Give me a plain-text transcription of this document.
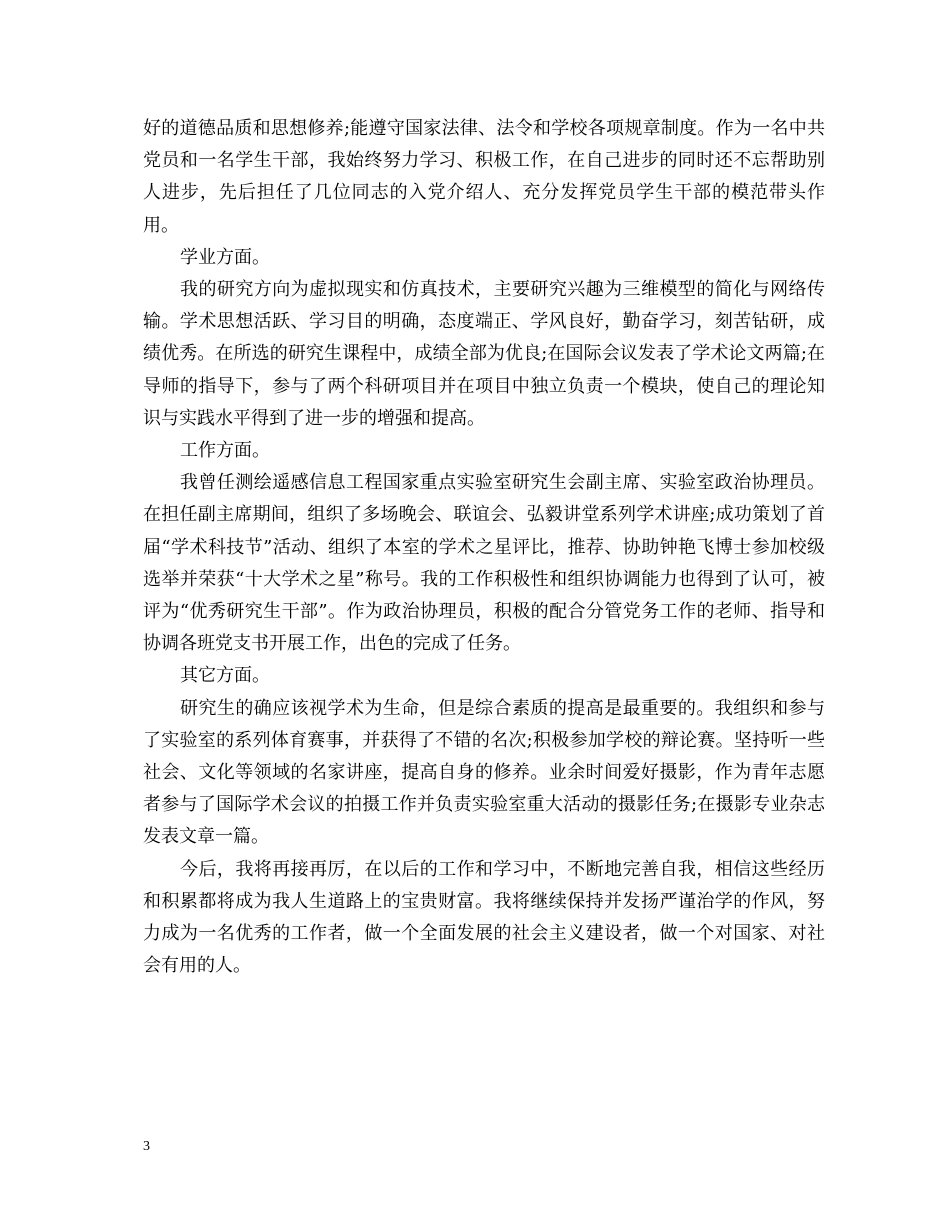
好的道德品质和思想修养;能遵守国家法律、法令和学校各项规章制度。作为一名中共党员和一名学生干部，我始终努力学习、积极工作，在自己进步的同时还不忘帮助别人进步，先后担任了几位同志的入党介绍人、充分发挥党员学生干部的模范带头作用。

学业方面。

我的研究方向为虚拟现实和仿真技术，主要研究兴趣为三维模型的简化与网络传输。学术思想活跃、学习目的明确，态度端正、学风良好，勤奋学习，刻苦钻研，成绩优秀。在所选的研究生课程中，成绩全部为优良;在国际会议发表了学术论文两篇;在导师的指导下，参与了两个科研项目并在项目中独立负责一个模块，使自己的理论知识与实践水平得到了进一步的增强和提高。

工作方面。

我曾任测绘遥感信息工程国家重点实验室研究生会副主席、实验室政治协理员。在担任副主席期间，组织了多场晚会、联谊会、弘毅讲堂系列学术讲座;成功策划了首届“学术科技节”活动、组织了本室的学术之星评比，推荐、协助钟艳飞博士参加校级选举并荣获“十大学术之星”称号。我的工作积极性和组织协调能力也得到了认可，被评为“优秀研究生干部”。作为政治协理员，积极的配合分管党务工作的老师、指导和协调各班党支书开展工作，出色的完成了任务。

其它方面。

研究生的确应该视学术为生命，但是综合素质的提高是最重要的。我组织和参与了实验室的系列体育赛事，并获得了不错的名次;积极参加学校的辩论赛。坚持听一些社会、文化等领域的名家讲座，提高自身的修养。业余时间爱好摄影，作为青年志愿者参与了国际学术会议的拍摄工作并负责实验室重大活动的摄影任务;在摄影专业杂志发表文章一篇。

今后，我将再接再厉，在以后的工作和学习中，不断地完善自我，相信这些经历和积累都将成为我人生道路上的宝贵财富。我将继续保持并发扬严谨治学的作风，努力成为一名优秀的工作者，做一个全面发展的社会主义建设者，做一个对国家、对社会有用的人。

3
